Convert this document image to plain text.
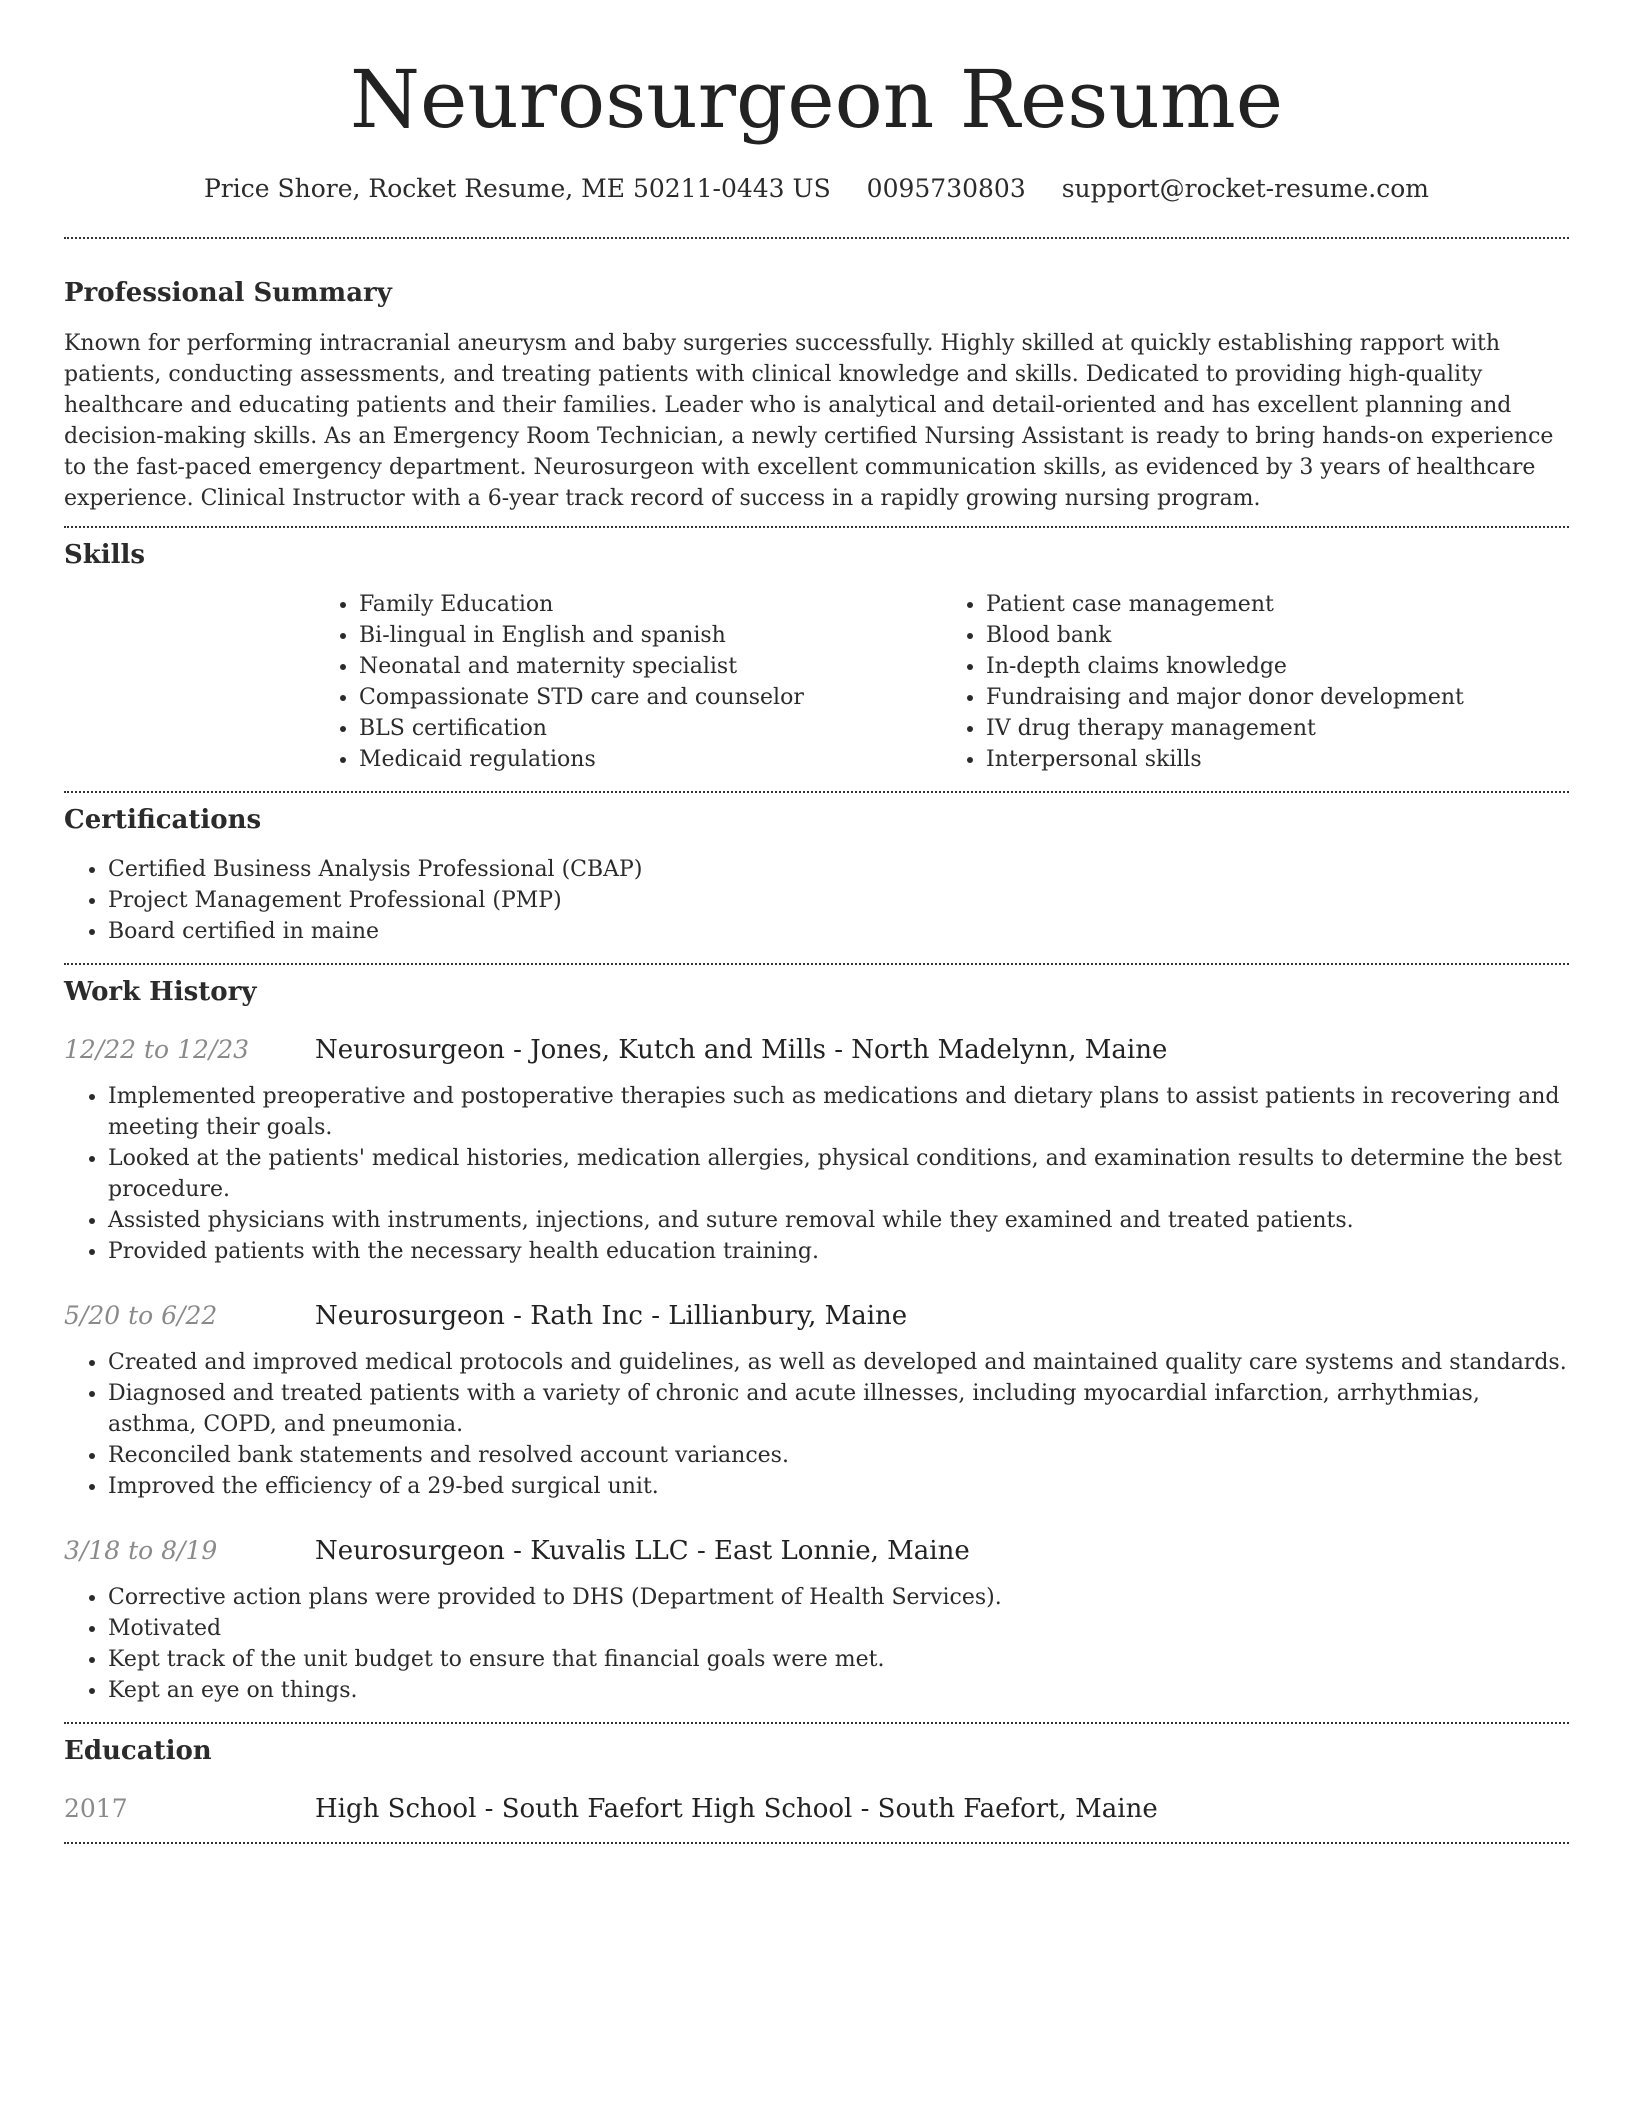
Neurosurgeon Resume
Price Shore, Rocket Resume, ME 50211-0443 US 0095730803 support@rocket-resume.com
Professional Summary

Known for performing intracranial aneurysm and baby surgeries successfully. Highly skilled at quickly establishing rapport with patients, conducting assessments, and treating patients with clinical knowledge and skills. Dedicated to providing high-quality healthcare and educating patients and their families. Leader who is analytical and detail-oriented and has excellent planning and decision-making skills. As an Emergency Room Technician, a newly certified Nursing Assistant is ready to bring hands-on experience to the fast-paced emergency department. Neurosurgeon with excellent communication skills, as evidenced by 3 years of healthcare experience. Clinical Instructor with a 6-year track record of success in a rapidly growing nursing program.

Skills
• Family Education
• Bi-lingual in English and spanish
• Neonatal and maternity specialist
• Compassionate STD care and counselor
• BLS certification
• Medicaid regulations
• Patient case management
• Blood bank
• In-depth claims knowledge
• Fundraising and major donor development
• IV drug therapy management
• Interpersonal skills
Certifications
• Certified Business Analysis Professional (CBAP)
• Project Management Professional (PMP)
• Board certified in maine
Work History
12/22 to 12/23	Neurosurgeon - Jones, Kutch and Mills - North Madelynn, Maine
• Implemented preoperative and postoperative therapies such as medications and dietary plans to assist patients in recovering and meeting their goals.
• Looked at the patients' medical histories, medication allergies, physical conditions, and examination results to determine the best procedure.
• Assisted physicians with instruments, injections, and suture removal while they examined and treated patients.
• Provided patients with the necessary health education training.
5/20 to 6/22	Neurosurgeon - Rath Inc - Lillianbury, Maine
• Created and improved medical protocols and guidelines, as well as developed and maintained quality care systems and standards.
• Diagnosed and treated patients with a variety of chronic and acute illnesses, including myocardial infarction, arrhythmias, asthma, COPD, and pneumonia.
• Reconciled bank statements and resolved account variances.
• Improved the efficiency of a 29-bed surgical unit.
3/18 to 8/19	Neurosurgeon - Kuvalis LLC - East Lonnie, Maine
• Corrective action plans were provided to DHS (Department of Health Services).
• Motivated
• Kept track of the unit budget to ensure that financial goals were met.
• Kept an eye on things.
Education
2017	High School - South Faefort High School - South Faefort, Maine
